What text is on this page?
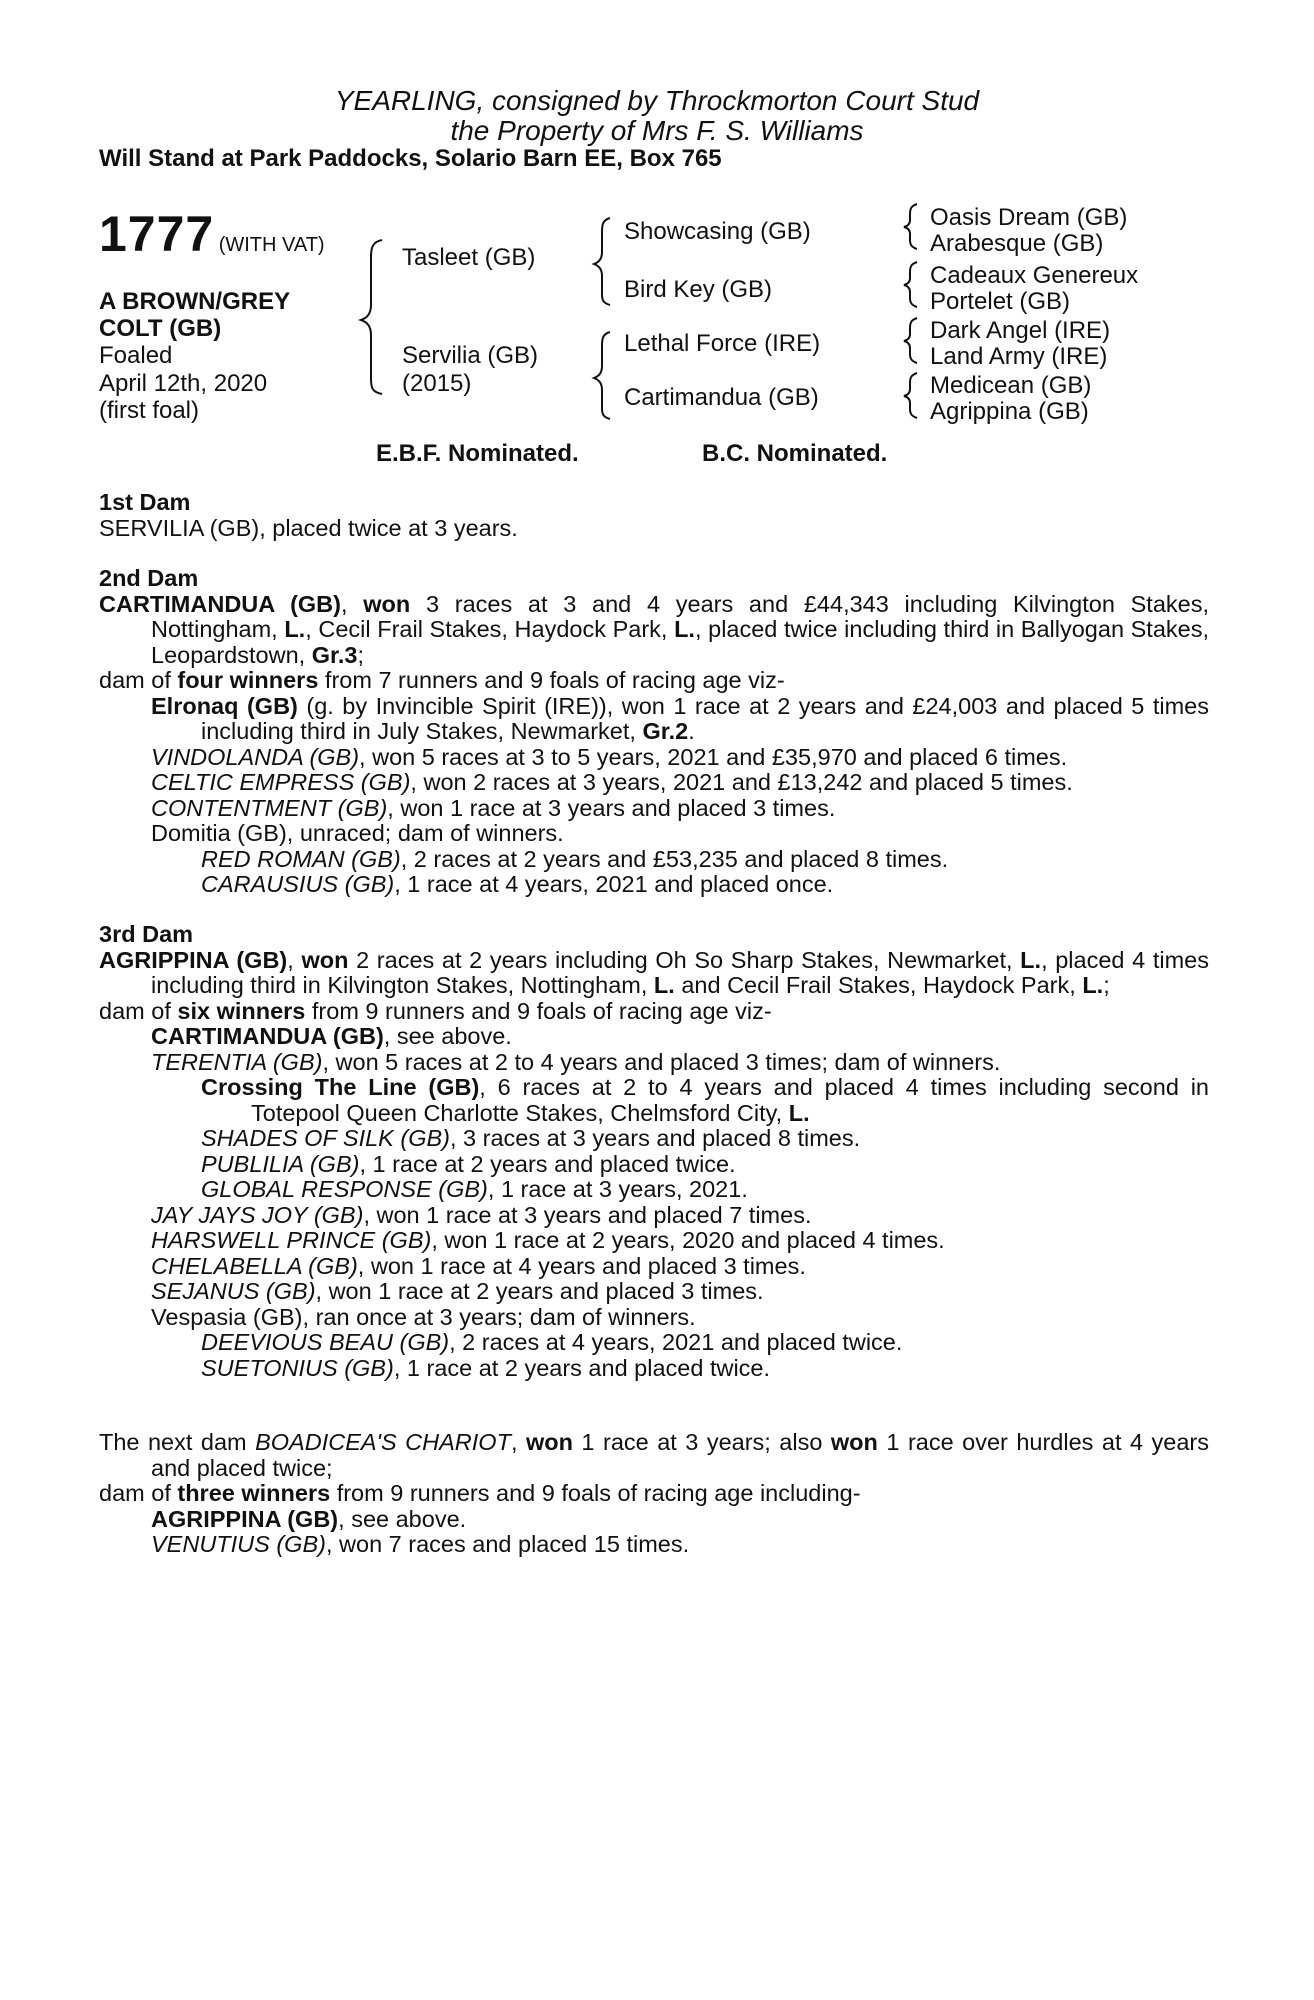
YEARLING, consigned by Throckmorton Court Stud
the Property of Mrs F. S. Williams
Will Stand at Park Paddocks, Solario Barn EE, Box 765
1777 (WITH VAT)
A BROWN/GREY
COLT (GB)
Foaled
April 12th, 2020
(first foal)
Tasleet (GB)
Servilia (GB)
(2015)
Showcasing (GB)
Bird Key (GB)
Lethal Force (IRE)
Cartimandua (GB)
Oasis Dream (GB)
Arabesque (GB)
Cadeaux Genereux
Portelet (GB)
Dark Angel (IRE)
Land Army (IRE)
Medicean (GB)
Agrippina (GB)
E.B.F. Nominated.	B.C. Nominated.

1st Dam

SERVILIA (GB), placed twice at 3 years.

2nd Dam

CARTIMANDUA (GB), won 3 races at 3 and 4 years and £44,343 including Kilvington Stakes, Nottingham, L., Cecil Frail Stakes, Haydock Park, L., placed twice including third in Ballyogan Stakes, Leopardstown, Gr.3;

dam of four winners from 7 runners and 9 foals of racing age viz-

Elronaq (GB) (g. by Invincible Spirit (IRE)), won 1 race at 2 years and £24,003 and placed 5 times including third in July Stakes, Newmarket, Gr.2.

VINDOLANDA (GB), won 5 races at 3 to 5 years, 2021 and £35,970 and placed 6 times.

CELTIC EMPRESS (GB), won 2 races at 3 years, 2021 and £13,242 and placed 5 times.

CONTENTMENT (GB), won 1 race at 3 years and placed 3 times.

Domitia (GB), unraced; dam of winners.

RED ROMAN (GB), 2 races at 2 years and £53,235 and placed 8 times.

CARAUSIUS (GB), 1 race at 4 years, 2021 and placed once.

3rd Dam

AGRIPPINA (GB), won 2 races at 2 years including Oh So Sharp Stakes, Newmarket, L., placed 4 times including third in Kilvington Stakes, Nottingham, L. and Cecil Frail Stakes, Haydock Park, L.;

dam of six winners from 9 runners and 9 foals of racing age viz-

CARTIMANDUA (GB), see above.

TERENTIA (GB), won 5 races at 2 to 4 years and placed 3 times; dam of winners.

Crossing The Line (GB), 6 races at 2 to 4 years and placed 4 times including second in Totepool Queen Charlotte Stakes, Chelmsford City, L.

SHADES OF SILK (GB), 3 races at 3 years and placed 8 times.

PUBLILIA (GB), 1 race at 2 years and placed twice.

GLOBAL RESPONSE (GB), 1 race at 3 years, 2021.

JAY JAYS JOY (GB), won 1 race at 3 years and placed 7 times.

HARSWELL PRINCE (GB), won 1 race at 2 years, 2020 and placed 4 times.

CHELABELLA (GB), won 1 race at 4 years and placed 3 times.

SEJANUS (GB), won 1 race at 2 years and placed 3 times.

Vespasia (GB), ran once at 3 years; dam of winners.

DEEVIOUS BEAU (GB), 2 races at 4 years, 2021 and placed twice.

SUETONIUS (GB), 1 race at 2 years and placed twice.

The next dam BOADICEA'S CHARIOT, won 1 race at 3 years; also won 1 race over hurdles at 4 years and placed twice;

dam of three winners from 9 runners and 9 foals of racing age including-

AGRIPPINA (GB), see above.

VENUTIUS (GB), won 7 races and placed 15 times.
